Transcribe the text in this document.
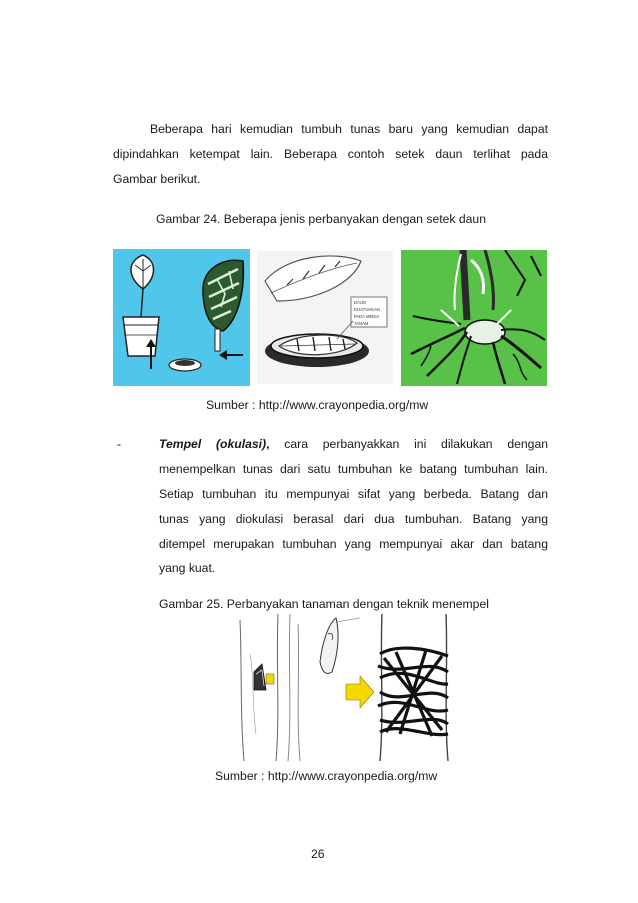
Beberapa hari kemudian tumbuh tunas baru yang kemudian dapat
dipindahkan ketempat lain. Beberapa contoh setek daun terlihat pada
Gambar berikut.
Gambar 24. Beberapa jenis perbanyakan dengan setek daun
DAUN
DIJATUHKAN
PADA MEDIA
TANAM
Sumber : http://www.crayonpedia.org/mw
-	Tempel (okulasi), cara perbanyakkan ini dilakukan dengan
menempelkan tunas dari satu tumbuhan ke batang tumbuhan lain.
Setiap tumbuhan itu mempunyai sifat yang berbeda. Batang dan
tunas yang diokulasi berasal dari dua tumbuhan. Batang yang
ditempel merupakan tumbuhan yang mempunyai akar dan batang
yang kuat.
Gambar 25. Perbanyakan tanaman dengan teknik menempel
Sumber : http://www.crayonpedia.org/mw
26
